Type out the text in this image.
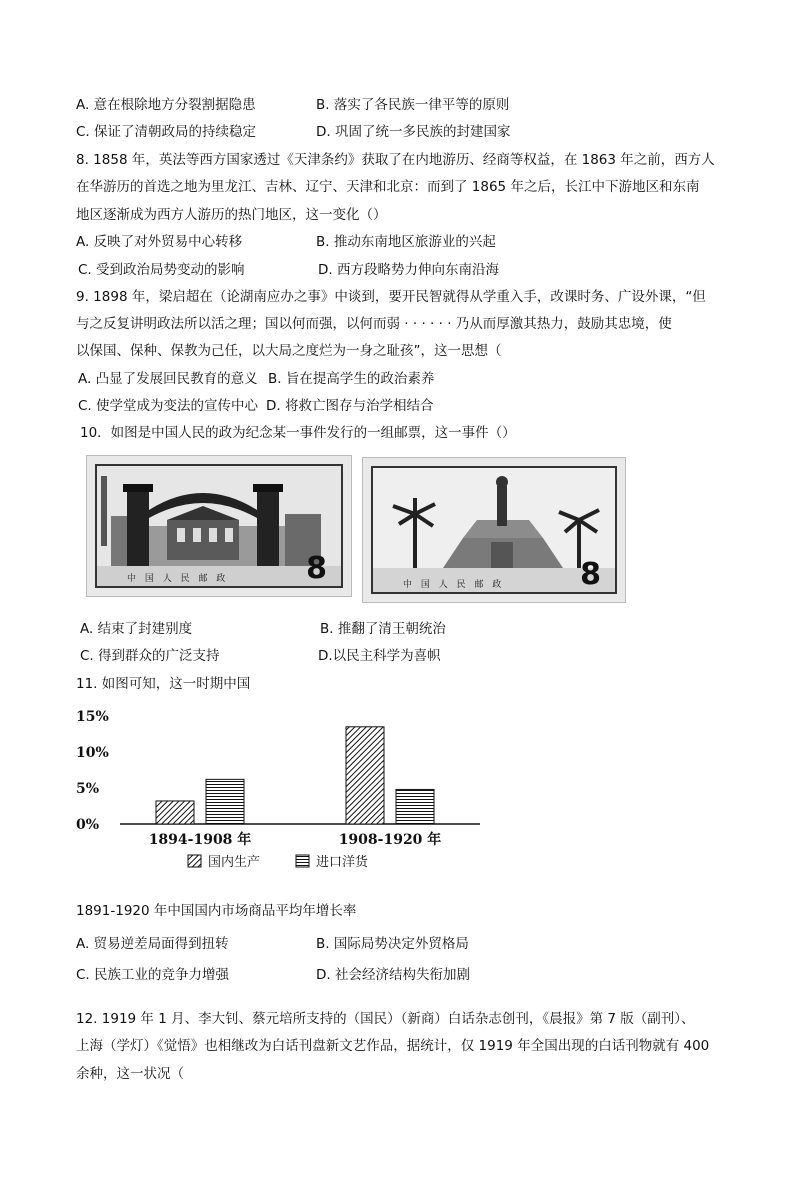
A. 意在根除地方分裂割据隐患	B. 落实了各民族一律平等的原则
C. 保证了清朝政局的持续稳定	D. 巩固了统一多民族的封建国家
8. 1858 年，英法等西方国家透过《天津条约》获取了在内地游历、经商等权益，在 1863 年之前，西方人
在华游历的首选之地为里龙江、吉林、辽宁、天津和北京：而到了 1865 年之后，长江中下游地区和东南
地区逐渐成为西方人游历的热门地区，这一变化（）
A. 反映了对外贸易中心转移	B. 推动东南地区旅游业的兴起
C. 受到政治局势变动的影响	D. 西方段略势力伸向东南沿海
9. 1898 年，梁启超在（论湖南应办之事》中谈到，要开民智就得从学重入手，改课时务、广设外课，“但
与之反复讲明政法所以活之理；国以何而强，以何而弱 · · · · · · 乃从而厚激其热力，鼓励其忠境，使
以保国、保种、保教为己任，以大局之度烂为一身之耻孩”，这一思想（
A. 凸显了发展回民教育的意义 B. 旨在提高学生的政治素养
C. 使学堂成为变法的宣传中心 D. 将救亡图存与治学相结合
10．如图是中国人民的政为纪念某一事件发行的一组邮票，这一事件（）
中 国 人 民 邮 政	8	中 国 人 民 邮 政	8
A. 结束了封建别度	B. 推翻了清王朝统治
C. 得到群众的广泛支持	D.以民主科学为喜帜
11. 如图可知，这一时期中国
0%
5%
10%
15%
1894-1908 年	1908-1920 年
国内生产	进口洋货
1891-1920 年中国国内市场商品平均年增长率
A. 贸易逆差局面得到扭转	B. 国际局势决定外贸格局
C. 民族工业的竞争力增强	D. 社会经济结构失衔加剧
12. 1919 年 1 月、李大钊、蔡元培所支持的（国民）（新商）白话杂志创刊，《晨报》第 7 版（副刊）、
上海（学灯）《觉悟》也相继改为白话刊盘新文艺作品，据统计，仅 1919 年全国出现的白话刊物就有 400
余种，这一状况（
